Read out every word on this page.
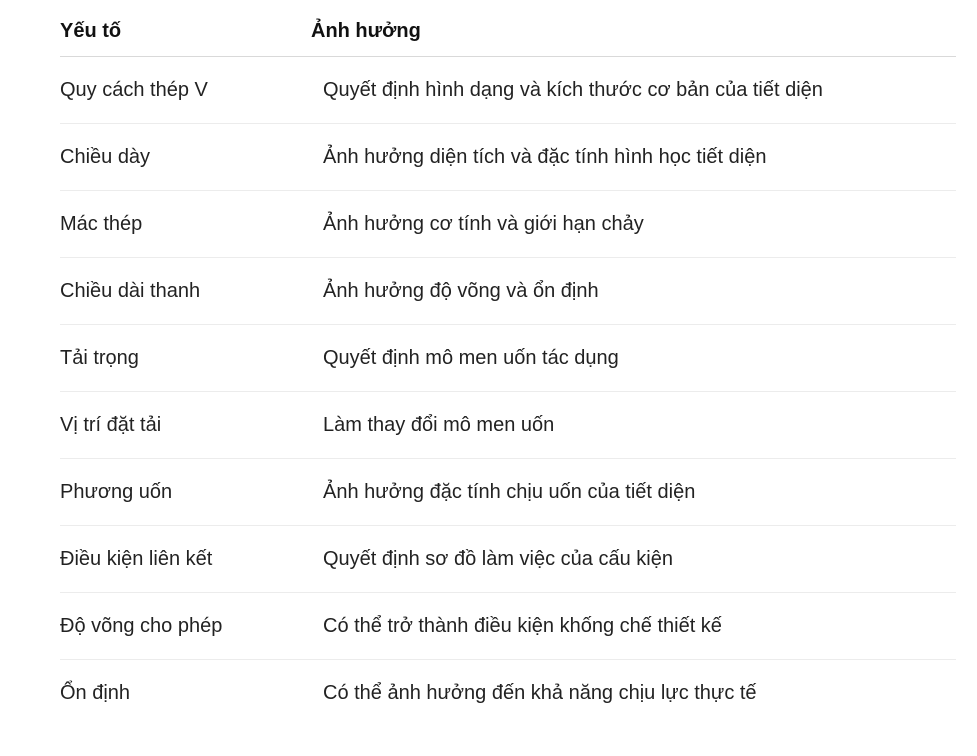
Yếu tố	Ảnh hưởng
Quy cách thép V	Quyết định hình dạng và kích thước cơ bản của tiết diện
Chiều dày	Ảnh hưởng diện tích và đặc tính hình học tiết diện
Mác thép	Ảnh hưởng cơ tính và giới hạn chảy
Chiều dài thanh	Ảnh hưởng độ võng và ổn định
Tải trọng	Quyết định mô men uốn tác dụng
Vị trí đặt tải	Làm thay đổi mô men uốn
Phương uốn	Ảnh hưởng đặc tính chịu uốn của tiết diện
Điều kiện liên kết	Quyết định sơ đồ làm việc của cấu kiện
Độ võng cho phép	Có thể trở thành điều kiện khống chế thiết kế
Ổn định	Có thể ảnh hưởng đến khả năng chịu lực thực tế
